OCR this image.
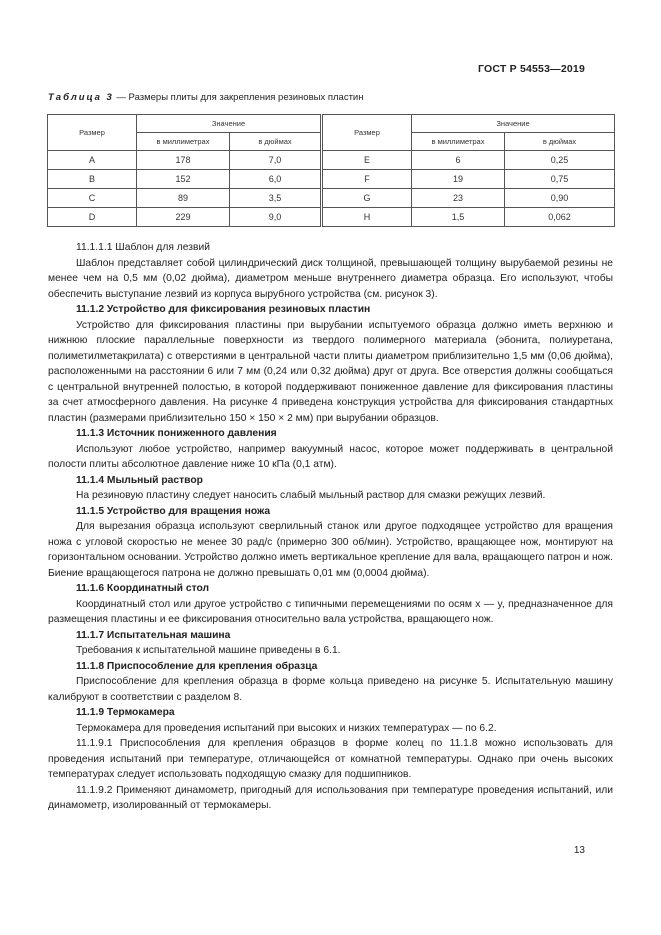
ГОСТ Р 54553—2019
Таблица 3 — Размеры плиты для закрепления резиновых пластин
Размер	Значение		Размер	Значение	
	в миллиметрах	в дюймах		в миллиметрах	в дюймах
A	178	7,0	E	6	0,25
B	152	6,0	F	19	0,75
C	89	3,5	G	23	0,90
D	229	9,0	H	1,5	0,062

11.1.1.1 Шаблон для лезвий

Шаблон представляет собой цилиндрический диск толщиной, превышающей толщину вырубаемой резины не менее чем на 0,5 мм (0,02 дюйма), диаметром меньше внутреннего диаметра образца. Его используют, чтобы обеспечить выступание лезвий из корпуса вырубного устройства (см. рисунок 3).

11.1.2 Устройство для фиксирования резиновых пластин

Устройство для фиксирования пластины при вырубании испытуемого образца должно иметь верхнюю и нижнюю плоские параллельные поверхности из твердого полимерного материала (эбонита, полиуретана, полиметилметакрилата) с отверстиями в центральной части плиты диаметром приблизительно 1,5 мм (0,06 дюйма), расположенными на расстоянии 6 или 7 мм (0,24 или 0,32 дюйма) друг от друга. Все отверстия должны сообщаться с центральной внутренней полостью, в которой поддерживают пониженное давление для фиксирования пластины за счет атмосферного давления. На рисунке 4 приведена конструкция устройства для фиксирования стандартных пластин (размерами приблизительно 150 × 150 × 2 мм) при вырубании образцов.

11.1.3 Источник пониженного давления

Используют любое устройство, например вакуумный насос, которое может поддерживать в центральной полости плиты абсолютное давление ниже 10 кПа (0,1 атм).

11.1.4 Мыльный раствор

На резиновую пластину следует наносить слабый мыльный раствор для смазки режущих лезвий.

11.1.5 Устройство для вращения ножа

Для вырезания образца используют сверлильный станок или другое подходящее устройство для вращения ножа с угловой скоростью не менее 30 рад/с (примерно 300 об/мин). Устройство, вращающее нож, монтируют на горизонтальном основании. Устройство должно иметь вертикальное крепление для вала, вращающего патрон и нож. Биение вращающегося патрона не должно превышать 0,01 мм (0,0004 дюйма).

11.1.6 Координатный стол

Координатный стол или другое устройство с типичными перемещениями по осям x — y, предназначенное для размещения пластины и ее фиксирования относительно вала устройства, вращающего нож.

11.1.7 Испытательная машина

Требования к испытательной машине приведены в 6.1.

11.1.8 Приспособление для крепления образца

Приспособление для крепления образца в форме кольца приведено на рисунке 5. Испытательную машину калибруют в соответствии с разделом 8.

11.1.9 Термокамера

Термокамера для проведения испытаний при высоких и низких температурах — по 6.2.

11.1.9.1 Приспособления для крепления образцов в форме колец по 11.1.8 можно использовать для проведения испытаний при температуре, отличающейся от комнатной температуры. Однако при очень высоких температурах следует использовать подходящую смазку для подшипников.

11.1.9.2 Применяют динамометр, пригодный для использования при температуре проведения испытаний, или динамометр, изолированный от термокамеры.

13
